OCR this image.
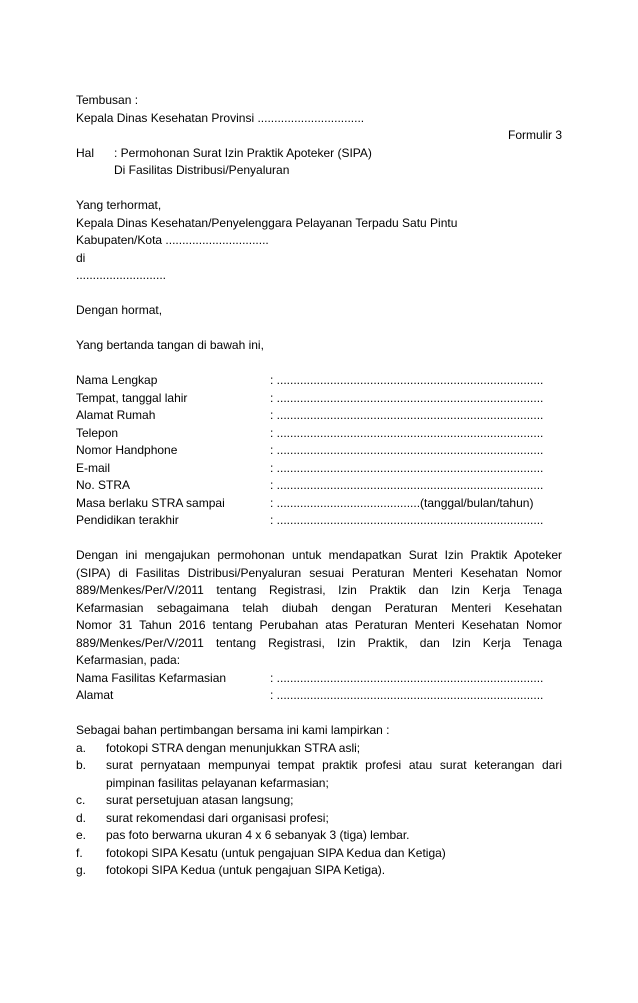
Tembusan :
Kepala Dinas Kesehatan Provinsi ................................
Formulir 3
Hal	: Permohonan Surat Izin Praktik Apoteker (SIPA)
Di Fasilitas Distribusi/Penyaluran
Yang terhormat,
Kepala Dinas Kesehatan/Penyelenggara Pelayanan Terpadu Satu Pintu
Kabupaten/Kota ...............................
di
...........................
Dengan hormat,
Yang bertanda tangan di bawah ini,
Nama Lengkap	: ................................................................................
Tempat, tanggal lahir	: ................................................................................
Alamat Rumah	: ................................................................................
Telepon	: ................................................................................
Nomor Handphone	: ................................................................................
E-mail	: ................................................................................
No. STRA	: ................................................................................
Masa berlaku STRA sampai	: ...........................................(tanggal/bulan/tahun)
Pendidikan terakhir	: ................................................................................
Dengan ini mengajukan permohonan untuk mendapatkan Surat Izin Praktik Apoteker
(SIPA) di Fasilitas Distribusi/Penyaluran sesuai Peraturan Menteri Kesehatan Nomor
889/Menkes/Per/V/2011 tentang Registrasi, Izin Praktik dan Izin Kerja Tenaga
Kefarmasian sebagaimana telah diubah dengan Peraturan Menteri Kesehatan
Nomor 31 Tahun 2016 tentang Perubahan atas Peraturan Menteri Kesehatan Nomor
889/Menkes/Per/V/2011 tentang Registrasi, Izin Praktik, dan Izin Kerja Tenaga
Kefarmasian, pada:
Nama Fasilitas Kefarmasian	: ................................................................................
Alamat	: ................................................................................
Sebagai bahan pertimbangan bersama ini kami lampirkan :
a.	fotokopi STRA dengan menunjukkan STRA asli;
b.	surat pernyataan mempunyai tempat praktik profesi atau surat keterangan dari pimpinan fasilitas pelayanan kefarmasian;
c.	surat persetujuan atasan langsung;
d.	surat rekomendasi dari organisasi profesi;
e.	pas foto berwarna ukuran 4 x 6 sebanyak 3 (tiga) lembar.
f.	fotokopi SIPA Kesatu (untuk pengajuan SIPA Kedua dan Ketiga)
g.	fotokopi SIPA Kedua (untuk pengajuan SIPA Ketiga).
